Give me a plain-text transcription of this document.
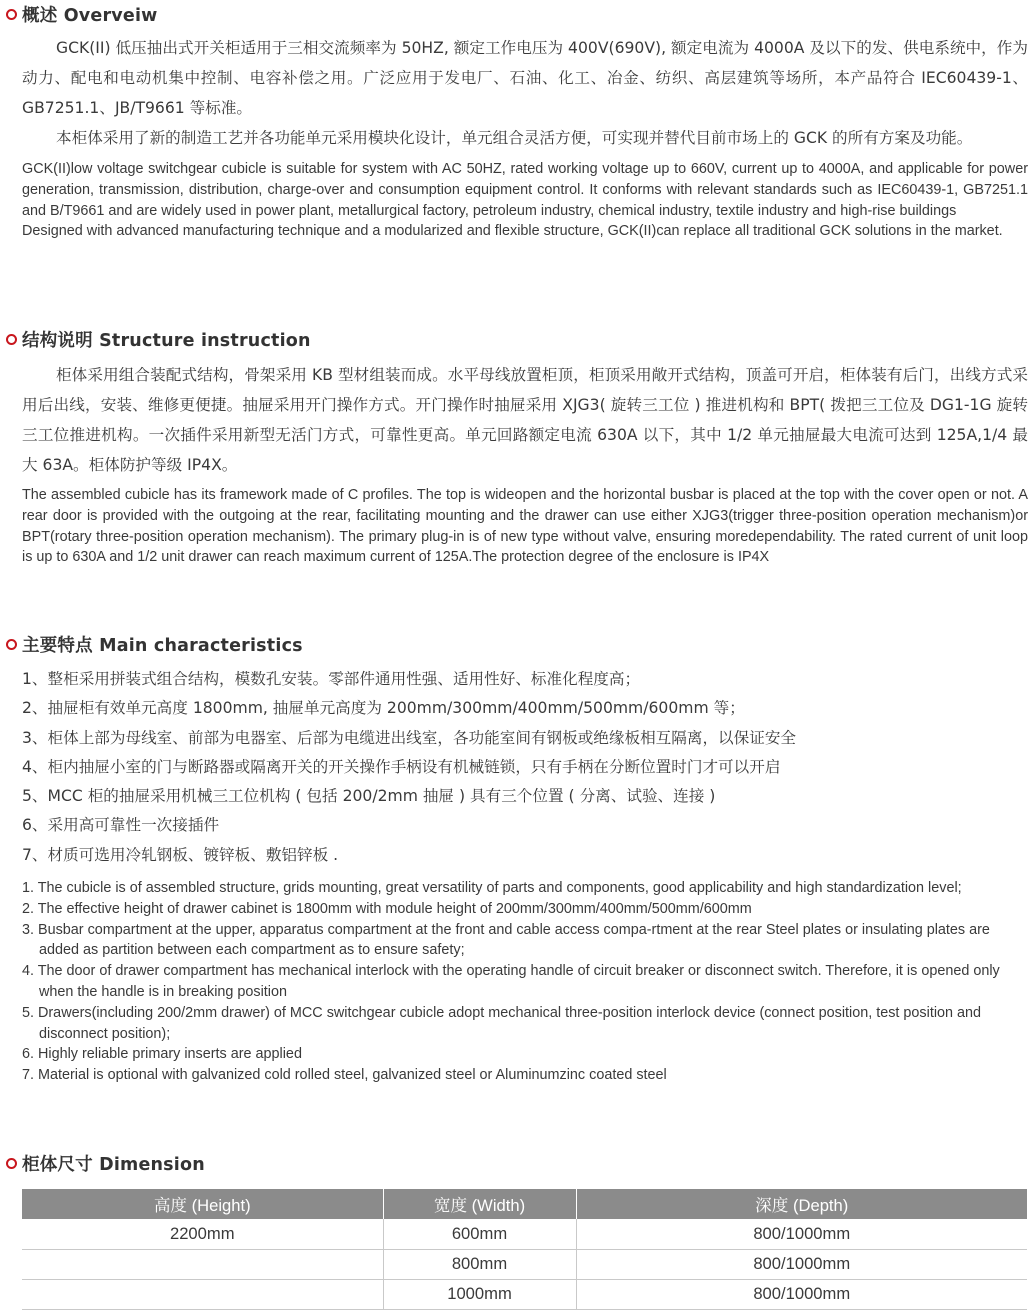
概述 Overveiw
GCK(II) 低压抽出式开关柜适用于三相交流频率为 50HZ, 额定工作电压为 400V(690V), 额定电流为 4000A 及以下的发、供电系统中，作为动力、配电和电动机集中控制、电容补偿之用。广泛应用于发电厂、石油、化工、冶金、纺织、高层建筑等场所，本产品符合 IEC60439-1、GB7251.1、JB/T9661 等标准。
本柜体采用了新的制造工艺并各功能单元采用模块化设计，单元组合灵活方便，可实现并替代目前市场上的 GCK 的所有方案及功能。
GCK(II)low voltage switchgear cubicle is suitable for system with AC 50HZ, rated working voltage up to 660V, current up to 4000A, and applicable for power generation, transmission, distribution, charge-over and consumption equipment control. It conforms with relevant standards such as IEC60439-1, GB7251.1 and B/T9661 and are widely used in power plant, metallurgical factory, petroleum industry, chemical industry, textile industry and high-rise buildings
Designed with advanced manufacturing technique and a modularized and flexible structure, GCK(II)can replace all traditional GCK solutions in the market.
结构说明 Structure instruction
柜体采用组合装配式结构，骨架采用 KB 型材组装而成。水平母线放置柜顶，柜顶采用敞开式结构，顶盖可开启，柜体装有后门，出线方式采用后出线，安装、维修更便捷。抽屉采用开门操作方式。开门操作时抽屉采用 XJG3( 旋转三工位 ) 推进机构和 BPT( 拨把三工位及 DG1-1G 旋转三工位推进机构。一次插件采用新型无活门方式，可靠性更高。单元回路额定电流 630A 以下，其中 1/2 单元抽屉最大电流可达到 125A,1/4 最大 63A。柜体防护等级 IP4X。
The assembled cubicle has its framework made of C profiles. The top is wideopen and the horizontal busbar is placed at the top with the cover open or not. A rear door is provided with the outgoing at the rear, facilitating mounting and the drawer can use either XJG3(trigger three-position operation mechanism)or BPT(rotary three-position operation mechanism). The primary plug-in is of new type without valve, ensuring moredependability. The rated current of unit loop is up to 630A and 1/2 unit drawer can reach maximum current of 125A.The protection degree of the enclosure is IP4X
主要特点 Main characteristics
1、整柜采用拼装式组合结构，模数孔安装。零部件通用性强、适用性好、标准化程度高；
2、抽屉柜有效单元高度 1800mm, 抽屉单元高度为 200mm/300mm/400mm/500mm/600mm 等；
3、柜体上部为母线室、前部为电器室、后部为电缆进出线室，各功能室间有钢板或绝缘板相互隔离，以保证安全
4、柜内抽屉小室的门与断路器或隔离开关的开关操作手柄设有机械链锁，只有手柄在分断位置时门才可以开启
5、MCC 柜的抽屉采用机械三工位机构 ( 包括 200/2mm 抽屉 ) 具有三个位置 ( 分离、试验、连接 )
6、采用高可靠性一次接插件
7、材质可选用冷轧钢板、镀锌板、敷铝锌板 .
1. The cubicle is of assembled structure, grids mounting, great versatility of parts and components, good applicability and high standardization level;
2. The effective height of drawer cabinet is 1800mm with module height of 200mm/300mm/400mm/500mm/600mm
3. Busbar compartment at the upper, apparatus compartment at the front and cable access compa-rtment at the rear Steel plates or insulating plates are added as partition between each compartment as to ensure safety;
4. The door of drawer compartment has mechanical interlock with the operating handle of circuit breaker or disconnect switch. Therefore, it is opened only when the handle is in breaking position
5. Drawers(including 200/2mm drawer) of MCC switchgear cubicle adopt mechanical three-position interlock device (connect position, test position and disconnect position);
6. Highly reliable primary inserts are applied
7. Material is optional with galvanized cold rolled steel, galvanized steel or Aluminumzinc coated steel
柜体尺寸 Dimension
高度 (Height)	宽度 (Width)	深度 (Depth)
2200mm	600mm	800/1000mm
	800mm	800/1000mm
	1000mm	800/1000mm
